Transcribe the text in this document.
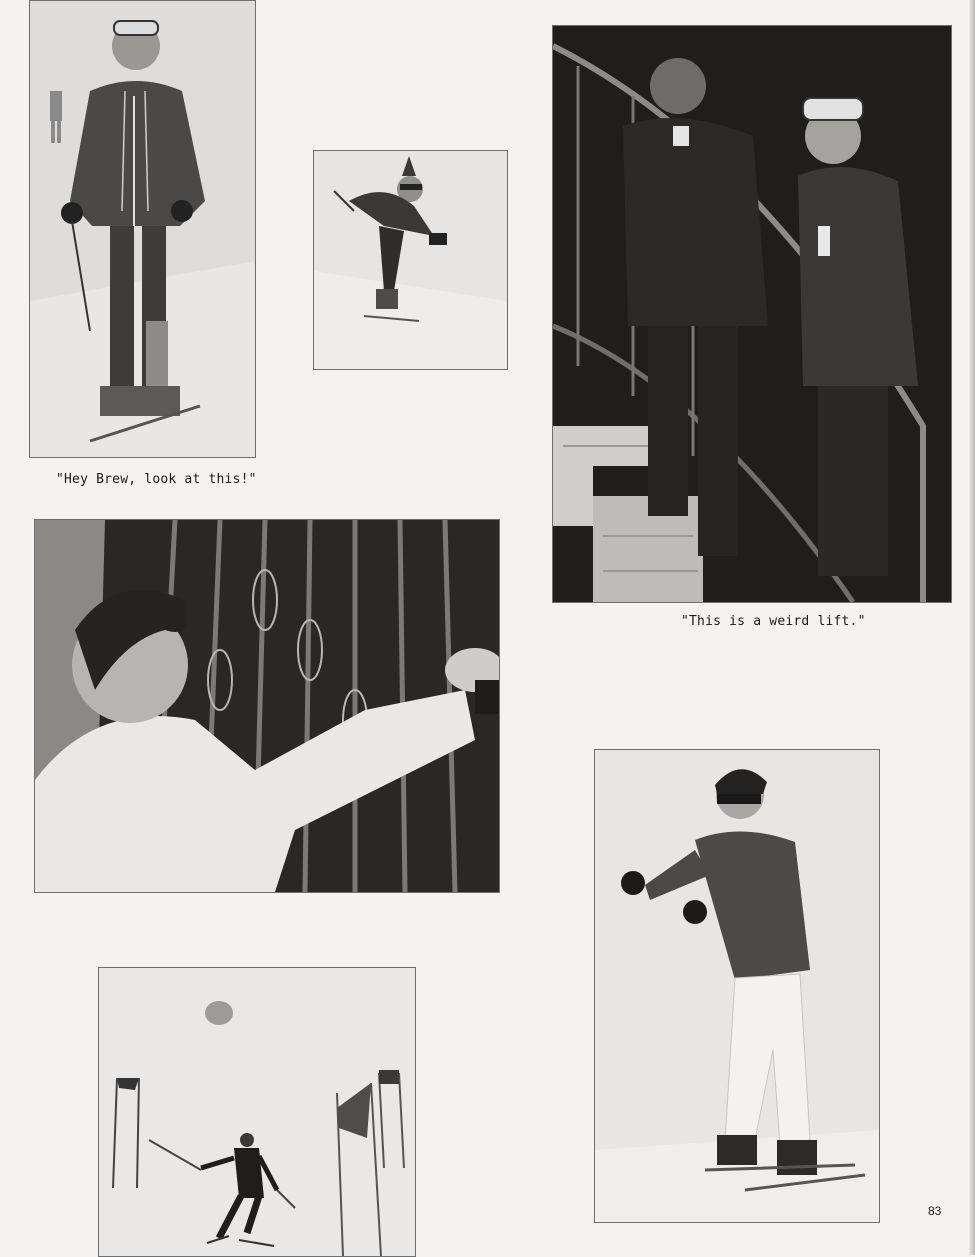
"Hey Brew, look at this!"
"This is a weird lift."
83
